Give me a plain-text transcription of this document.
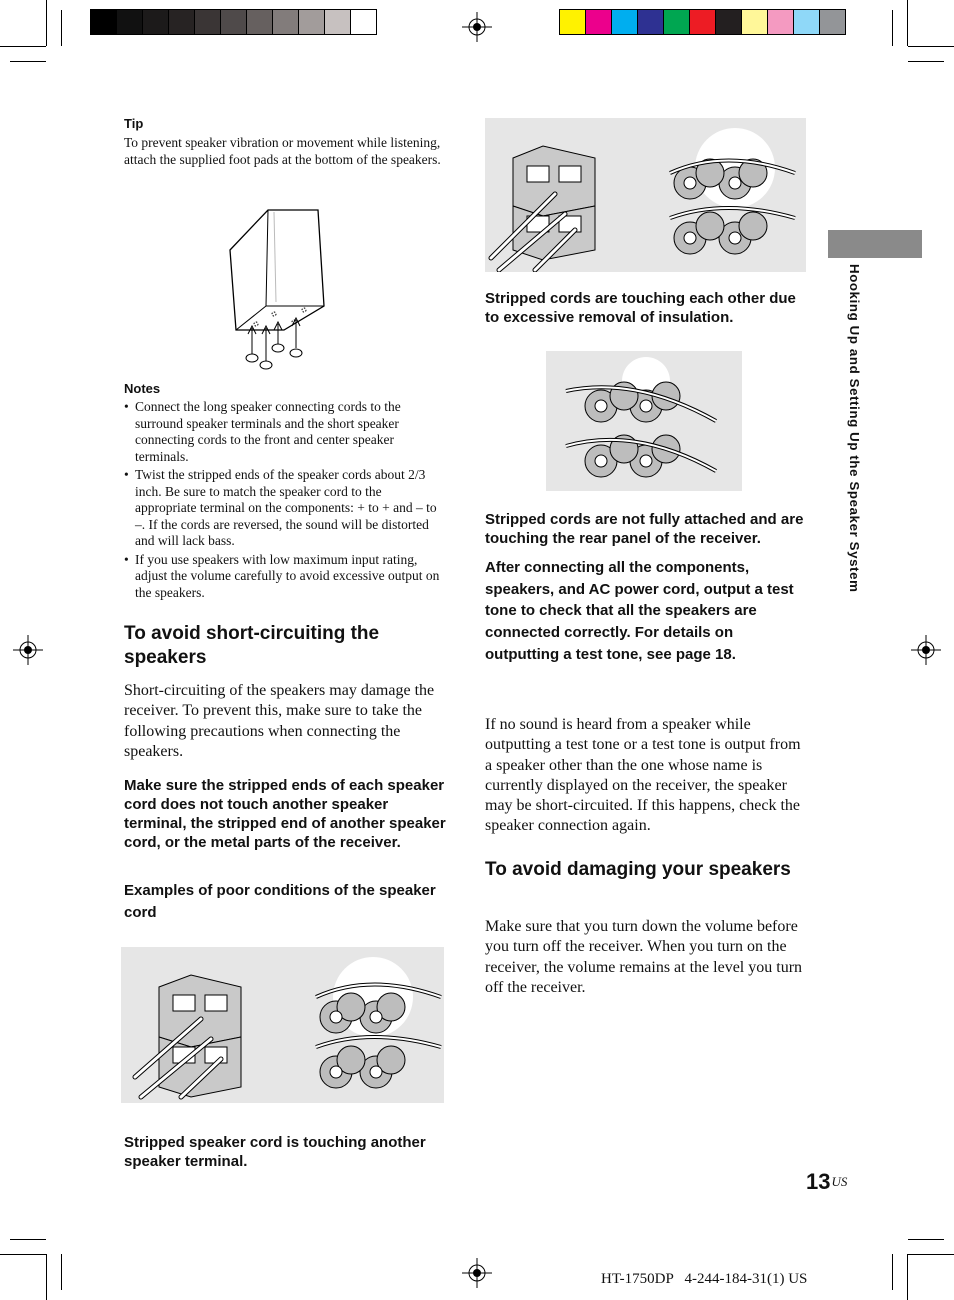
Hooking Up and Setting Up the Speaker System
Tip
To prevent speaker vibration or movement while listening, attach the supplied foot pads at the bottom of the speakers.
Notes
• Connect the long speaker connecting cords to the surround speaker terminals and the short speaker connecting cords to the front and center speaker terminals.
• Twist the stripped ends of the speaker cords about 2/3 inch. Be sure to match the speaker cord to the appropriate terminal on the components: + to + and – to –. If the cords are reversed, the sound will be distorted and will lack bass.
• If you use speakers with low maximum input rating, adjust the volume carefully to avoid excessive output on the speakers.
To avoid short-circuiting the speakers
Short-circuiting of the speakers may damage the receiver. To prevent this, make sure to take the following precautions when connecting the speakers.
Make sure the stripped ends of each speaker cord does not touch another speaker terminal, the stripped end of another speaker cord, or the metal parts of the receiver.
Examples of poor conditions of the speaker cord
Stripped speaker cord is touching another speaker terminal.
Stripped cords are touching each other due to excessive removal of insulation.
Stripped cords are not fully attached and are touching the rear panel of the receiver.
After connecting all the components, speakers, and AC power cord, output a test tone to check that all the speakers are connected correctly. For details on outputting a test tone, see page 18.
If no sound is heard from a speaker while outputting a test tone or a test tone is output from a speaker other than the one whose name is currently displayed on the receiver, the speaker may be short-circuited. If this happens, check the speaker connection again.
To avoid damaging your speakers
Make sure that you turn down the volume before you turn off the receiver. When you turn on the receiver, the volume remains at the level you turn off the receiver.
$13^{US}$
HT-1750DP   4-244-184-31(1) US
